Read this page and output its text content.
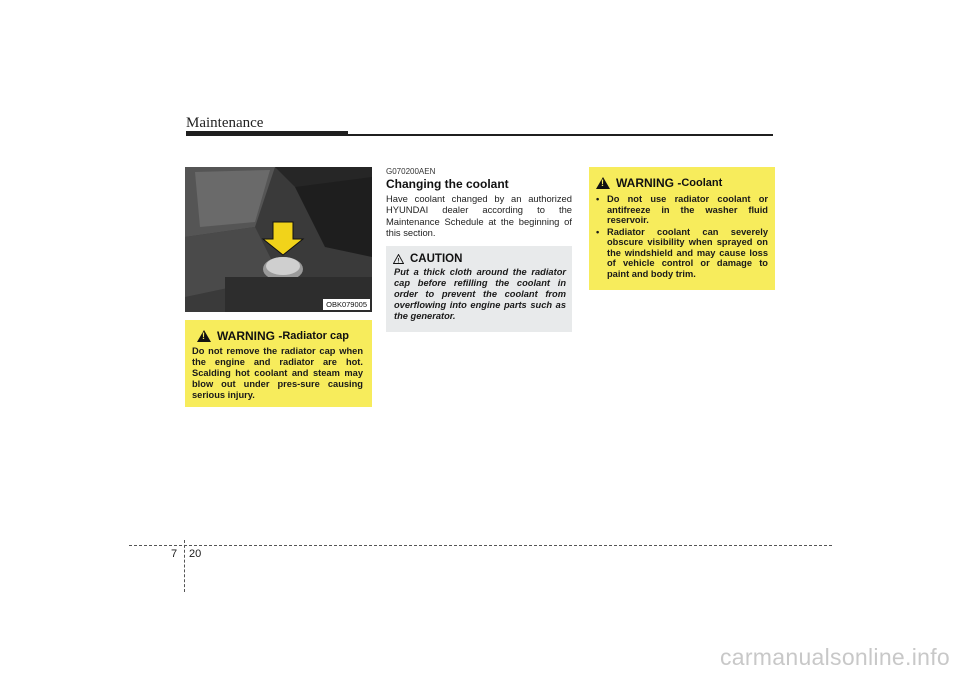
Maintenance
OBK079005
!
WARNING - Radiator cap
Do not remove the radiator cap when the engine and radiator are hot. Scalding hot coolant and steam may blow out under pres-sure causing serious injury.
G070200AEN
Changing the coolant
Have coolant changed by an authorized HYUNDAI dealer according to the Maintenance Schedule at the beginning of this section.
! CAUTION
Put a thick cloth around the radiator cap before refilling the coolant in order to prevent the coolant from overflowing into engine parts such as the generator.
!
WARNING - Coolant
• Do not use radiator coolant or antifreeze in the washer fluid reservoir.
• Radiator coolant can severely obscure visibility when sprayed on the windshield and may cause loss of vehicle control or damage to paint and body trim.
7 20
carmanualsonline.info
